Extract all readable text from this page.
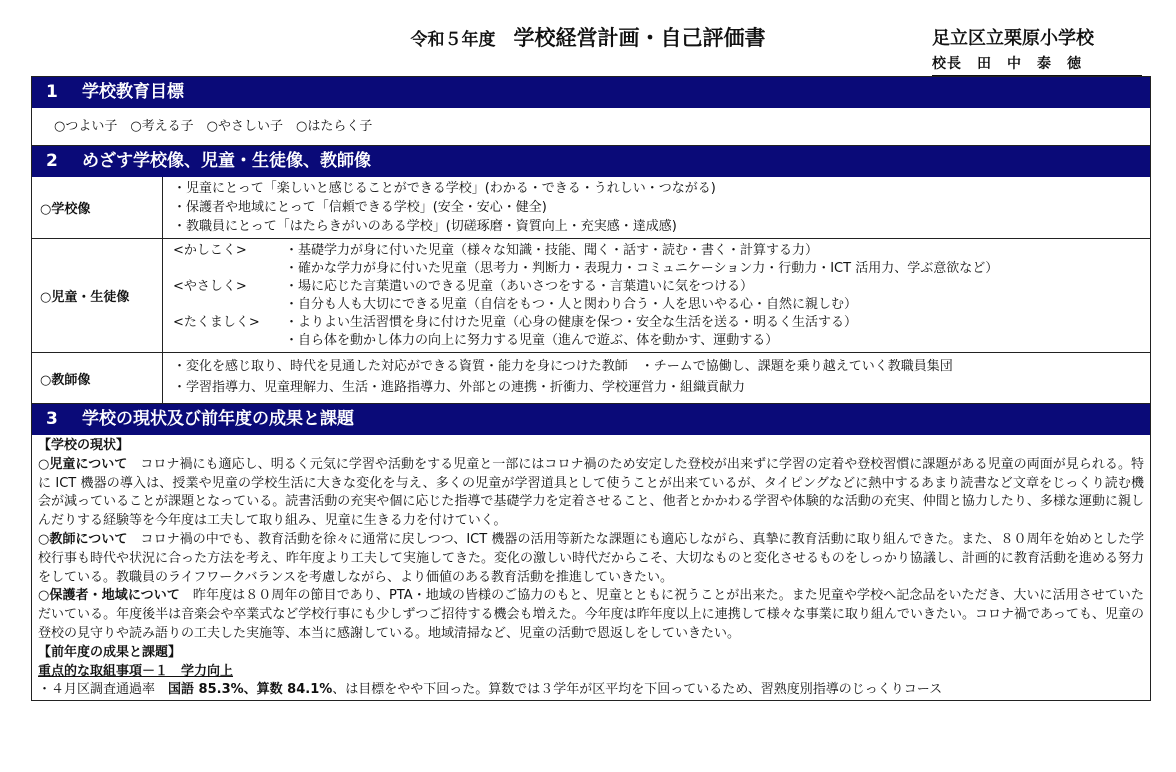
令和５年度 学校経営計画・自己評価書	足立区立栗原小学校
校長　田　中　泰　徳
1 学校教育目標
○つよい子　○考える子　○やさしい子　○はたらく子
2 めざす学校像、児童・生徒像、教師像
○学校像
・児童にとって「楽しいと感じることができる学校」(わかる・できる・うれしい・つながる)
・保護者や地域にとって「信頼できる学校」(安全・安心・健全)
・教職員にとって「はたらきがいのある学校」(切磋琢磨・資質向上・充実感・達成感)
○児童・生徒像
<かしこく>	・基礎学力が身に付いた児童（様々な知識・技能、聞く・話す・読む・書く・計算する力）
・確かな学力が身に付いた児童（思考力・判断力・表現力・コミュニケーション力・行動力・ICT 活用力、学ぶ意欲など）
<やさしく>	・場に応じた言葉遣いのできる児童（あいさつをする・言葉遣いに気をつける）
・自分も人も大切にできる児童（自信をもつ・人と関わり合う・人を思いやる心・自然に親しむ）
<たくましく> ・よりよい生活習慣を身に付けた児童（心身の健康を保つ・安全な生活を送る・明るく生活する）
・自ら体を動かし体力の向上に努力する児童（進んで遊ぶ、体を動かす、運動する）
○教師像
・変化を感じ取り、時代を見通した対応ができる資質・能力を身につけた教師　・チームで協働し、課題を乗り越えていく教職員集団
・学習指導力、児童理解力、生活・進路指導力、外部との連携・折衝力、学校運営力・組織貢献力
3 学校の現状及び前年度の成果と課題

【学校の現状】

○児童について　コロナ禍にも適応し、明るく元気に学習や活動をする児童と一部にはコロナ禍のため安定した登校が出来ずに学習の定着や登校習慣に課題がある児童の両面が見られる。特に ICT 機器の導入は、授業や児童の学校生活に大きな変化を与え、多くの児童が学習道具として使うことが出来ているが、タイピングなどに熱中するあまり読書など文章をじっくり読む機会が減っていることが課題となっている。読書活動の充実や個に応じた指導で基礎学力を定着させること、他者とかかわる学習や体験的な活動の充実、仲間と協力したり、多様な運動に親しんだりする経験等を今年度は工夫して取り組み、児童に生きる力を付けていく。

○教師について　コロナ禍の中でも、教育活動を徐々に通常に戻しつつ、ICT 機器の活用等新たな課題にも適応しながら、真摯に教育活動に取り組んできた。また、８０周年を始めとした学校行事も時代や状況に合った方法を考え、昨年度より工夫して実施してきた。変化の激しい時代だからこそ、大切なものと変化させるものをしっかり協議し、計画的に教育活動を進める努力をしている。教職員のライフワークバランスを考慮しながら、より価値のある教育活動を推進していきたい。

○保護者・地域について　昨年度は８０周年の節目であり、PTA・地域の皆様のご協力のもと、児童とともに祝うことが出来た。また児童や学校へ記念品をいただき、大いに活用させていただいている。年度後半は音楽会や卒業式など学校行事にも少しずつご招待する機会も増えた。今年度は昨年度以上に連携して様々な事業に取り組んでいきたい。コロナ禍であっても、児童の登校の見守りや読み語りの工夫した実施等、本当に感謝している。地域清掃など、児童の活動で恩返しをしていきたい。

【前年度の成果と課題】

重点的な取組事項－１　学力向上

・４月区調査通過率　国語 85.3%、算数 84.1%、は目標をやや下回った。算数では３学年が区平均を下回っているため、習熟度別指導のじっくりコース
